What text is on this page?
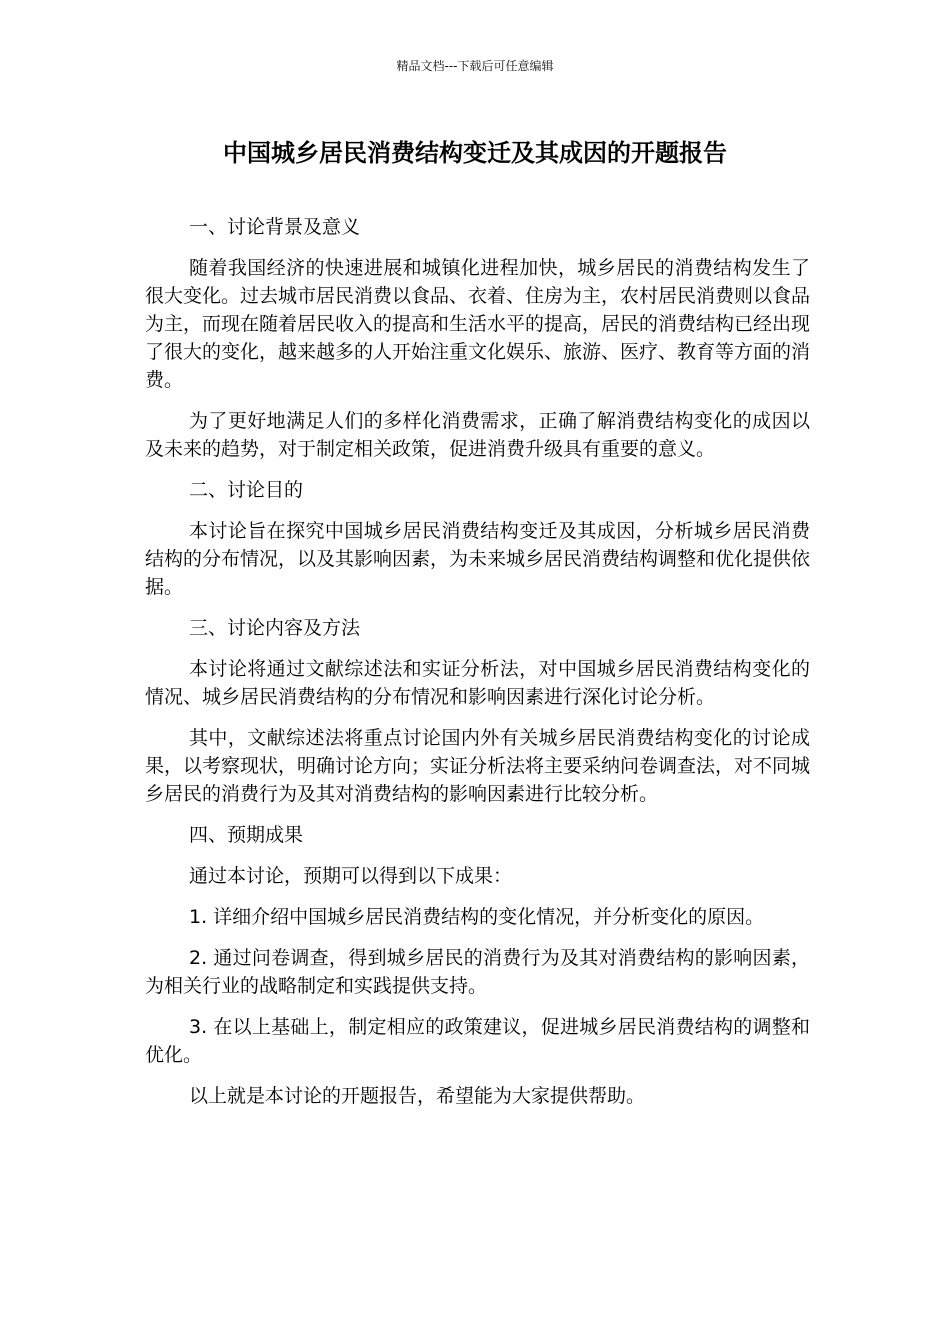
精品文档---下载后可任意编辑
中国城乡居民消费结构变迁及其成因的开题报告

一、讨论背景及意义

随着我国经济的快速进展和城镇化进程加快，城乡居民的消费结构发生了很大变化。过去城市居民消费以食品、衣着、住房为主，农村居民消费则以食品为主，而现在随着居民收入的提高和生活水平的提高，居民的消费结构已经出现了很大的变化，越来越多的人开始注重文化娱乐、旅游、医疗、教育等方面的消费。

为了更好地满足人们的多样化消费需求，正确了解消费结构变化的成因以及未来的趋势，对于制定相关政策，促进消费升级具有重要的意义。

二、讨论目的

本讨论旨在探究中国城乡居民消费结构变迁及其成因，分析城乡居民消费结构的分布情况，以及其影响因素，为未来城乡居民消费结构调整和优化提供依据。

三、讨论内容及方法

本讨论将通过文献综述法和实证分析法，对中国城乡居民消费结构变化的情况、城乡居民消费结构的分布情况和影响因素进行深化讨论分析。

其中，文献综述法将重点讨论国内外有关城乡居民消费结构变化的讨论成果，以考察现状，明确讨论方向；实证分析法将主要采纳问卷调查法，对不同城乡居民的消费行为及其对消费结构的影响因素进行比较分析。

四、预期成果

通过本讨论，预期可以得到以下成果：

1. 详细介绍中国城乡居民消费结构的变化情况，并分析变化的原因。

2. 通过问卷调查，得到城乡居民的消费行为及其对消费结构的影响因素，为相关行业的战略制定和实践提供支持。

3. 在以上基础上，制定相应的政策建议，促进城乡居民消费结构的调整和优化。

以上就是本讨论的开题报告，希望能为大家提供帮助。
